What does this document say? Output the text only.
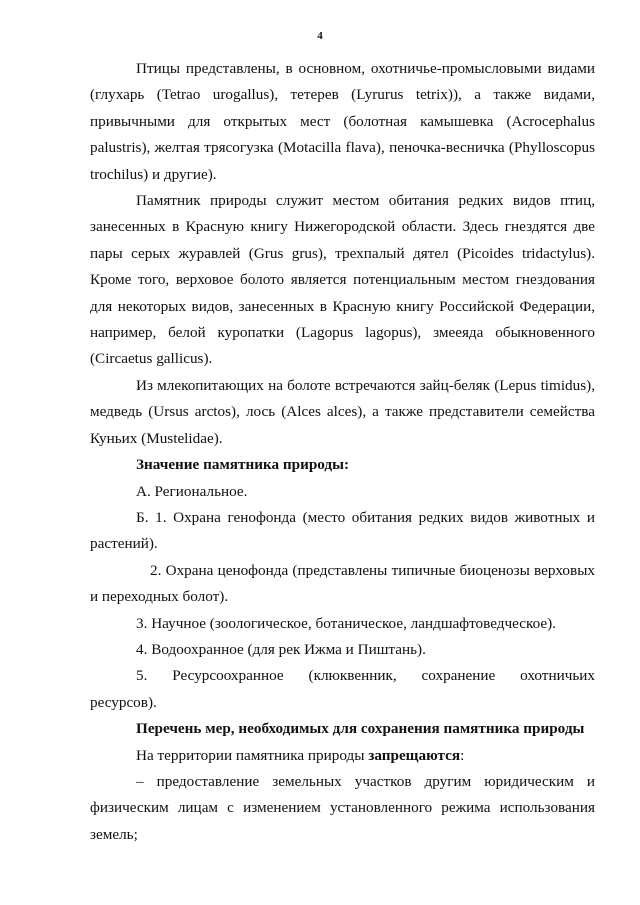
4

Птицы представлены, в основном, охотничье-промысловыми видами (глухарь (Tetrao urogallus), тетерев (Lyrurus tetrix)), а также видами, привычными для открытых мест (болотная камышевка (Acrocephalus palustris), желтая трясогузка (Motacilla flava), пеночка-весничка (Phylloscopus trochilus) и другие).

Памятник природы служит местом обитания редких видов птиц, занесенных в Красную книгу Нижегородской области. Здесь гнездятся две пары серых журавлей (Grus grus), трехпалый дятел (Picoides tridactylus). Кроме того, верховое болото является потенциальным местом гнездования для некоторых видов, занесенных в Красную книгу Российской Федерации, например, белой куропатки (Lagopus lagopus), змееяда обыкновенного (Circaetus gallicus).

Из млекопитающих на болоте встречаются зайц-беляк (Lepus timidus), медведь (Ursus arctos), лось (Alces alces), а также представители семейства Куньих (Mustelidae).

Значение памятника природы:

А. Региональное.

Б. 1. Охрана генофонда (место обитания редких видов животных и растений).

2. Охрана ценофонда (представлены типичные биоценозы верховых и переходных болот).

3. Научное (зоологическое, ботаническое, ландшафтоведческое).

4. Водоохранное (для рек Ижма и Пиштань).

5. Ресурсоохранное (клюквенник, сохранение охотничьих

ресурсов).

Перечень мер, необходимых для сохранения памятника природы

На территории памятника природы запрещаются:

– предоставление земельных участков другим юридическим и физическим лицам с изменением установленного режима использования земель;
